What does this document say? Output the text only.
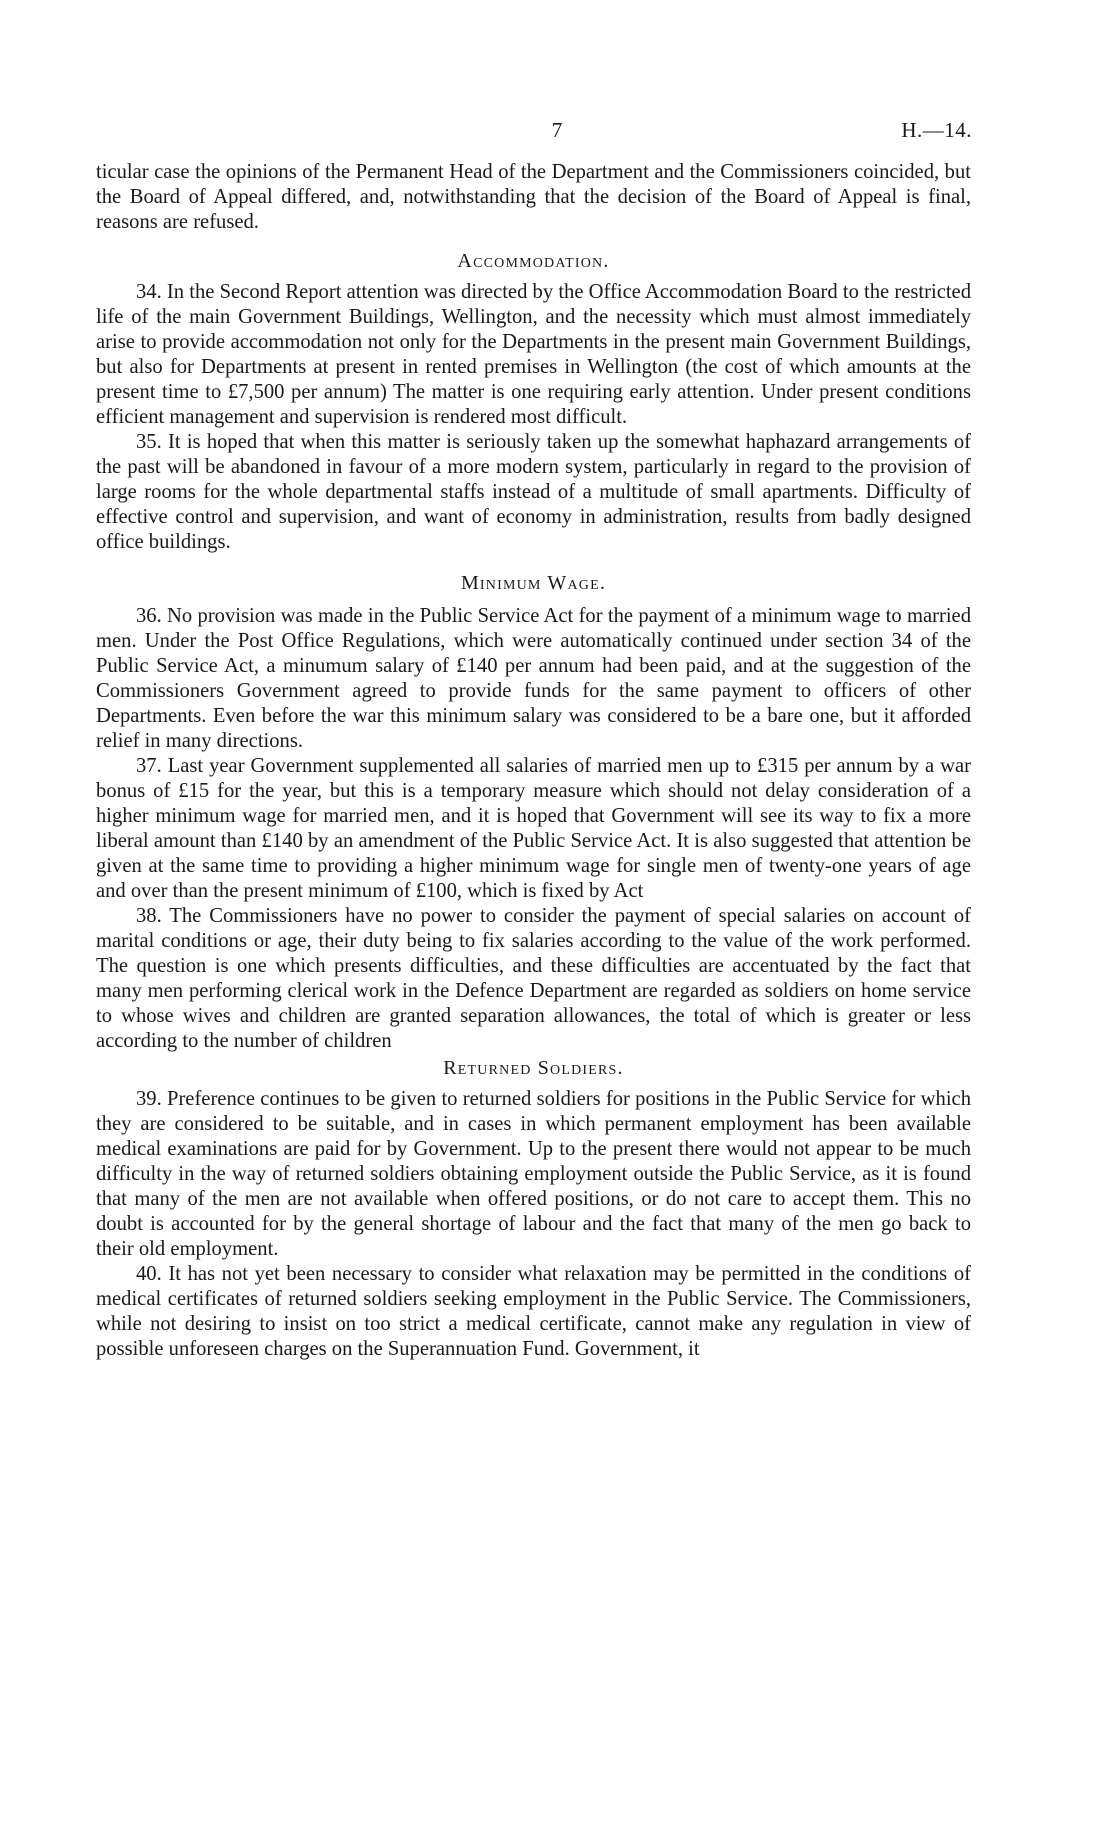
7	H.—14.

ticular case the opinions of the Permanent Head of the Department and the Commissioners coincided, but the Board of Appeal differed, and, notwithstanding that the decision of the Board of Appeal is final, reasons are refused.

Accommodation.

34. In the Second Report attention was directed by the Office Accommodation Board to the restricted life of the main Government Buildings, Wellington, and the necessity which must almost immediately arise to provide accommodation not only for the Departments in the present main Government Buildings, but also for Departments at present in rented premises in Wellington (the cost of which amounts at the present time to £7,500 per annum) The matter is one requiring early attention. Under present conditions efficient management and supervision is rendered most difficult.

35. It is hoped that when this matter is seriously taken up the somewhat haphazard arrangements of the past will be abandoned in favour of a more modern system, particularly in regard to the provision of large rooms for the whole departmental staffs instead of a multitude of small apartments. Difficulty of effective control and supervision, and want of economy in administration, results from badly designed office buildings.

Minimum Wage.

36. No provision was made in the Public Service Act for the payment of a minimum wage to married men. Under the Post Office Regulations, which were automatically continued under section 34 of the Public Service Act, a minumum salary of £140 per annum had been paid, and at the suggestion of the Commissioners Government agreed to provide funds for the same payment to officers of other Departments. Even before the war this minimum salary was considered to be a bare one, but it afforded relief in many directions.

37. Last year Government supplemented all salaries of married men up to £315 per annum by a war bonus of £15 for the year, but this is a temporary measure which should not delay consideration of a higher minimum wage for married men, and it is hoped that Government will see its way to fix a more liberal amount than £140 by an amendment of the Public Service Act. It is also suggested that attention be given at the same time to providing a higher minimum wage for single men of twenty-one years of age and over than the present minimum of £100, which is fixed by Act

38. The Commissioners have no power to consider the payment of special salaries on account of marital conditions or age, their duty being to fix salaries according to the value of the work performed. The question is one which presents difficulties, and these difficulties are accentuated by the fact that many men performing clerical work in the Defence Department are regarded as soldiers on home service to whose wives and children are granted separation allowances, the total of which is greater or less according to the number of children

Returned Soldiers.

39. Preference continues to be given to returned soldiers for positions in the Public Service for which they are considered to be suitable, and in cases in which permanent employment has been available medical examinations are paid for by Government. Up to the present there would not appear to be much difficulty in the way of returned soldiers obtaining employment outside the Public Service, as it is found that many of the men are not available when offered positions, or do not care to accept them. This no doubt is accounted for by the general shortage of labour and the fact that many of the men go back to their old employment.

40. It has not yet been necessary to consider what relaxation may be permitted in the conditions of medical certificates of returned soldiers seeking employment in the Public Service. The Commissioners, while not desiring to insist on too strict a medical certificate, cannot make any regulation in view of possible unforeseen charges on the Superannuation Fund. Government, it
